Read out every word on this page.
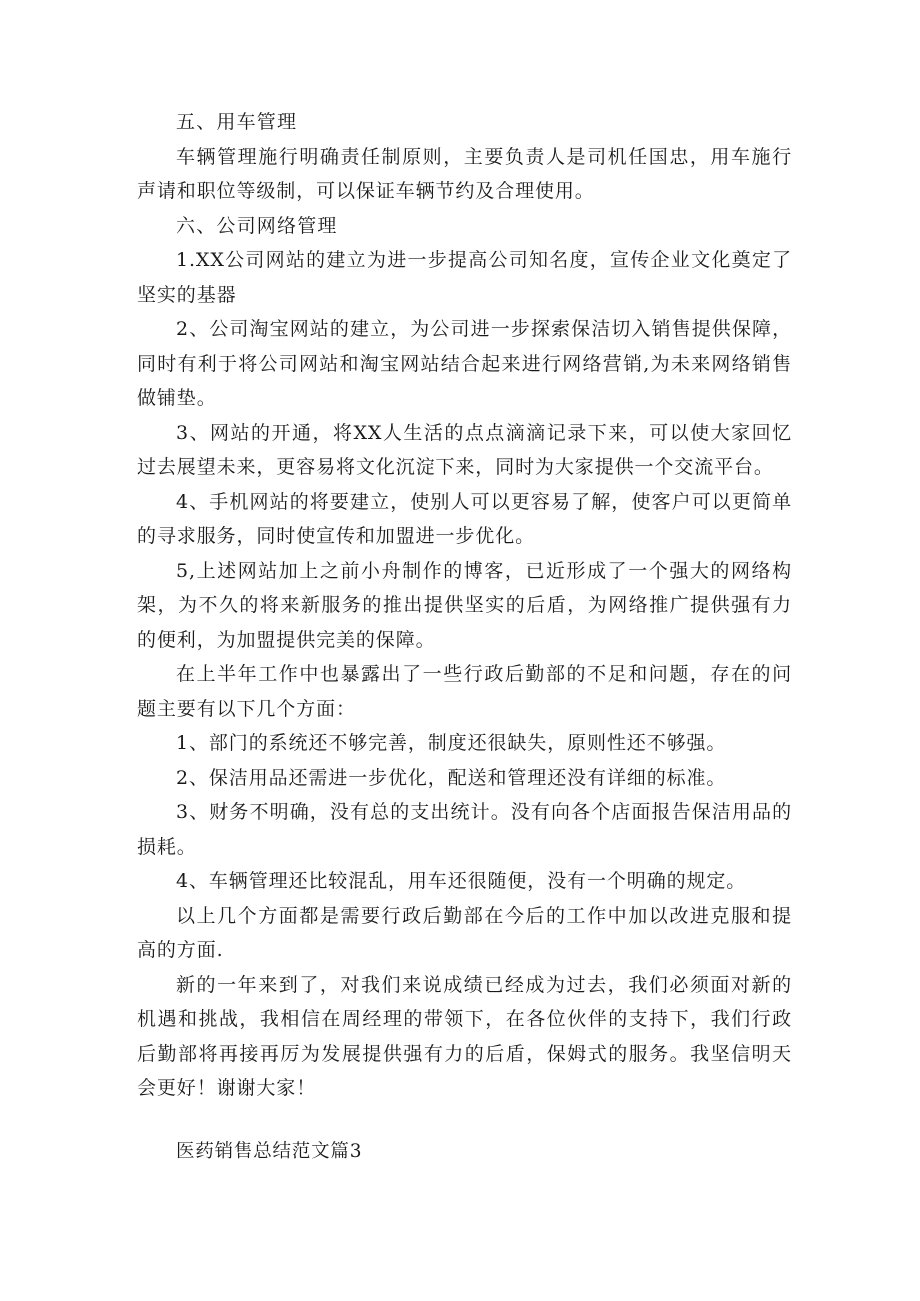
五、用车管理

车辆管理施行明确责任制原则，主要负责人是司机任国忠，用车施行声请和职位等级制，可以保证车辆节约及合理使用。

六、公司网络管理

1.XX公司网站的建立为进一步提高公司知名度，宣传企业文化奠定了坚实的基器

2、公司淘宝网站的建立，为公司进一步探索保洁切入销售提供保障，同时有利于将公司网站和淘宝网站结合起来进行网络营销,为未来网络销售做铺垫。

3、网站的开通，将XX人生活的点点滴滴记录下来，可以使大家回忆过去展望未来，更容易将文化沉淀下来，同时为大家提供一个交流平台。

4、手机网站的将要建立，使别人可以更容易了解，使客户可以更简单的寻求服务，同时使宣传和加盟进一步优化。

5,上述网站加上之前小舟制作的博客，已近形成了一个强大的网络构架，为不久的将来新服务的推出提供坚实的后盾，为网络推广提供强有力的便利，为加盟提供完美的保障。

在上半年工作中也暴露出了一些行政后勤部的不足和问题，存在的问题主要有以下几个方面：

1、部门的系统还不够完善，制度还很缺失，原则性还不够强。

2、保洁用品还需进一步优化，配送和管理还没有详细的标准。

3、财务不明确，没有总的支出统计。没有向各个店面报告保洁用品的损耗。

4、车辆管理还比较混乱，用车还很随便，没有一个明确的规定。

以上几个方面都是需要行政后勤部在今后的工作中加以改进克服和提高的方面.

新的一年来到了，对我们来说成绩已经成为过去，我们必须面对新的机遇和挑战，我相信在周经理的带领下，在各位伙伴的支持下，我们行政后勤部将再接再厉为发展提供强有力的后盾，保姆式的服务。我坚信明天会更好！谢谢大家！

医药销售总结范文篇3
